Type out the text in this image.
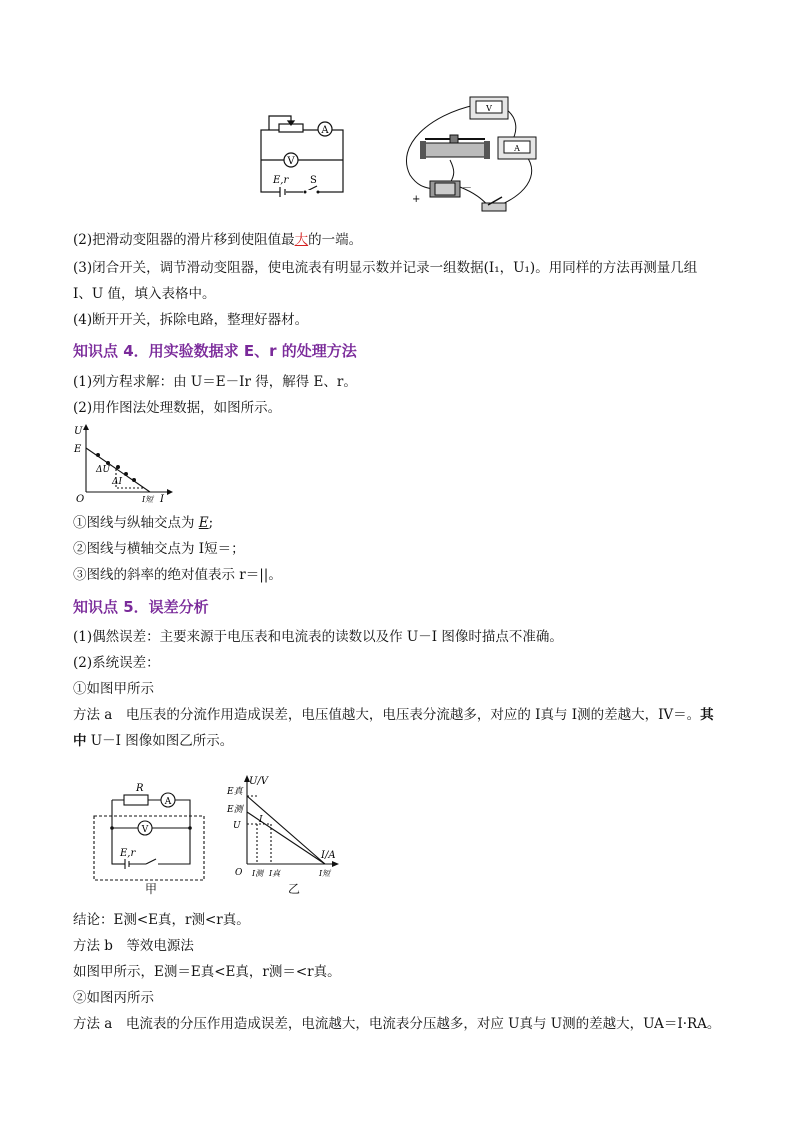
A
V
E,r S
V
A
+
－
(2)把滑动变阻器的滑片移到使阻值最大的一端。
(3)闭合开关，调节滑动变阻器，使电流表有明显示数并记录一组数据(I₁，U₁)。用同样的方法再测量几组
I、U 值，填入表格中。
(4)断开开关，拆除电路，整理好器材。
知识点 4．用实验数据求 E、r 的处理方法
(1)列方程求解：由 U＝E－Ir 得，解得 E、r。
(2)用作图法处理数据，如图所示。
U
E
O	I
I短
ΔU
ΔI
①图线与纵轴交点为 E;
②图线与横轴交点为 I短＝；
③图线的斜率的绝对值表示 r＝||。
知识点 5．误差分析
(1)偶然误差：主要来源于电压表和电流表的读数以及作 U－I 图像时描点不准确。
(2)系统误差：
①如图甲所示
方法 a　电压表的分流作用造成误差，电压值越大，电压表分流越多，对应的 I真与 I测的差越大，IV＝。其
中 U－I 图像如图乙所示。
R
A
V
E,r
甲
U/V
I/A
E真
E测
U
I
O I测 I真	I短
乙
结论：E测<E真，r测<r真。
方法 b　等效电源法
如图甲所示，E测＝E真<E真，r测＝<r真。
②如图丙所示
方法 a　电流表的分压作用造成误差，电流越大，电流表分压越多，对应 U真与 U测的差越大，UA＝I·RA。
